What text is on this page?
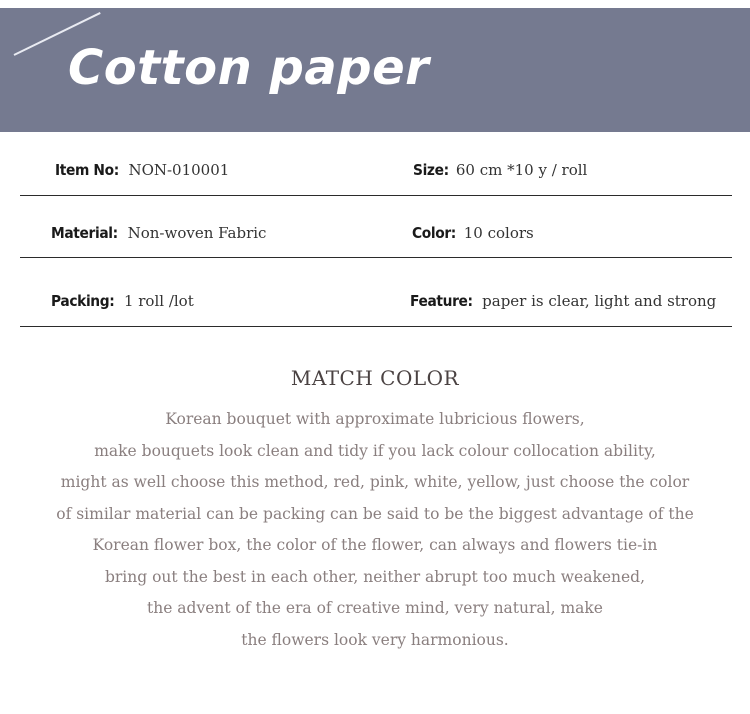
Cotton paper
Item No: NON-010001	Size: 60 cm *10 y / roll
Material: Non-woven Fabric	Color: 10 colors
Packing: 1 roll /lot	Feature: paper is clear, light and strong
MATCH COLOR
Korean bouquet with approximate lubricious flowers,
make bouquets look clean and tidy if you lack colour collocation ability,
might as well choose this method, red, pink, white, yellow, just choose the color
of similar material can be packing can be said to be the biggest advantage of the
Korean flower box, the color of the flower, can always and flowers tie-in
bring out the best in each other, neither abrupt too much weakened,
the advent of the era of creative mind, very natural, make
the flowers look very harmonious.
